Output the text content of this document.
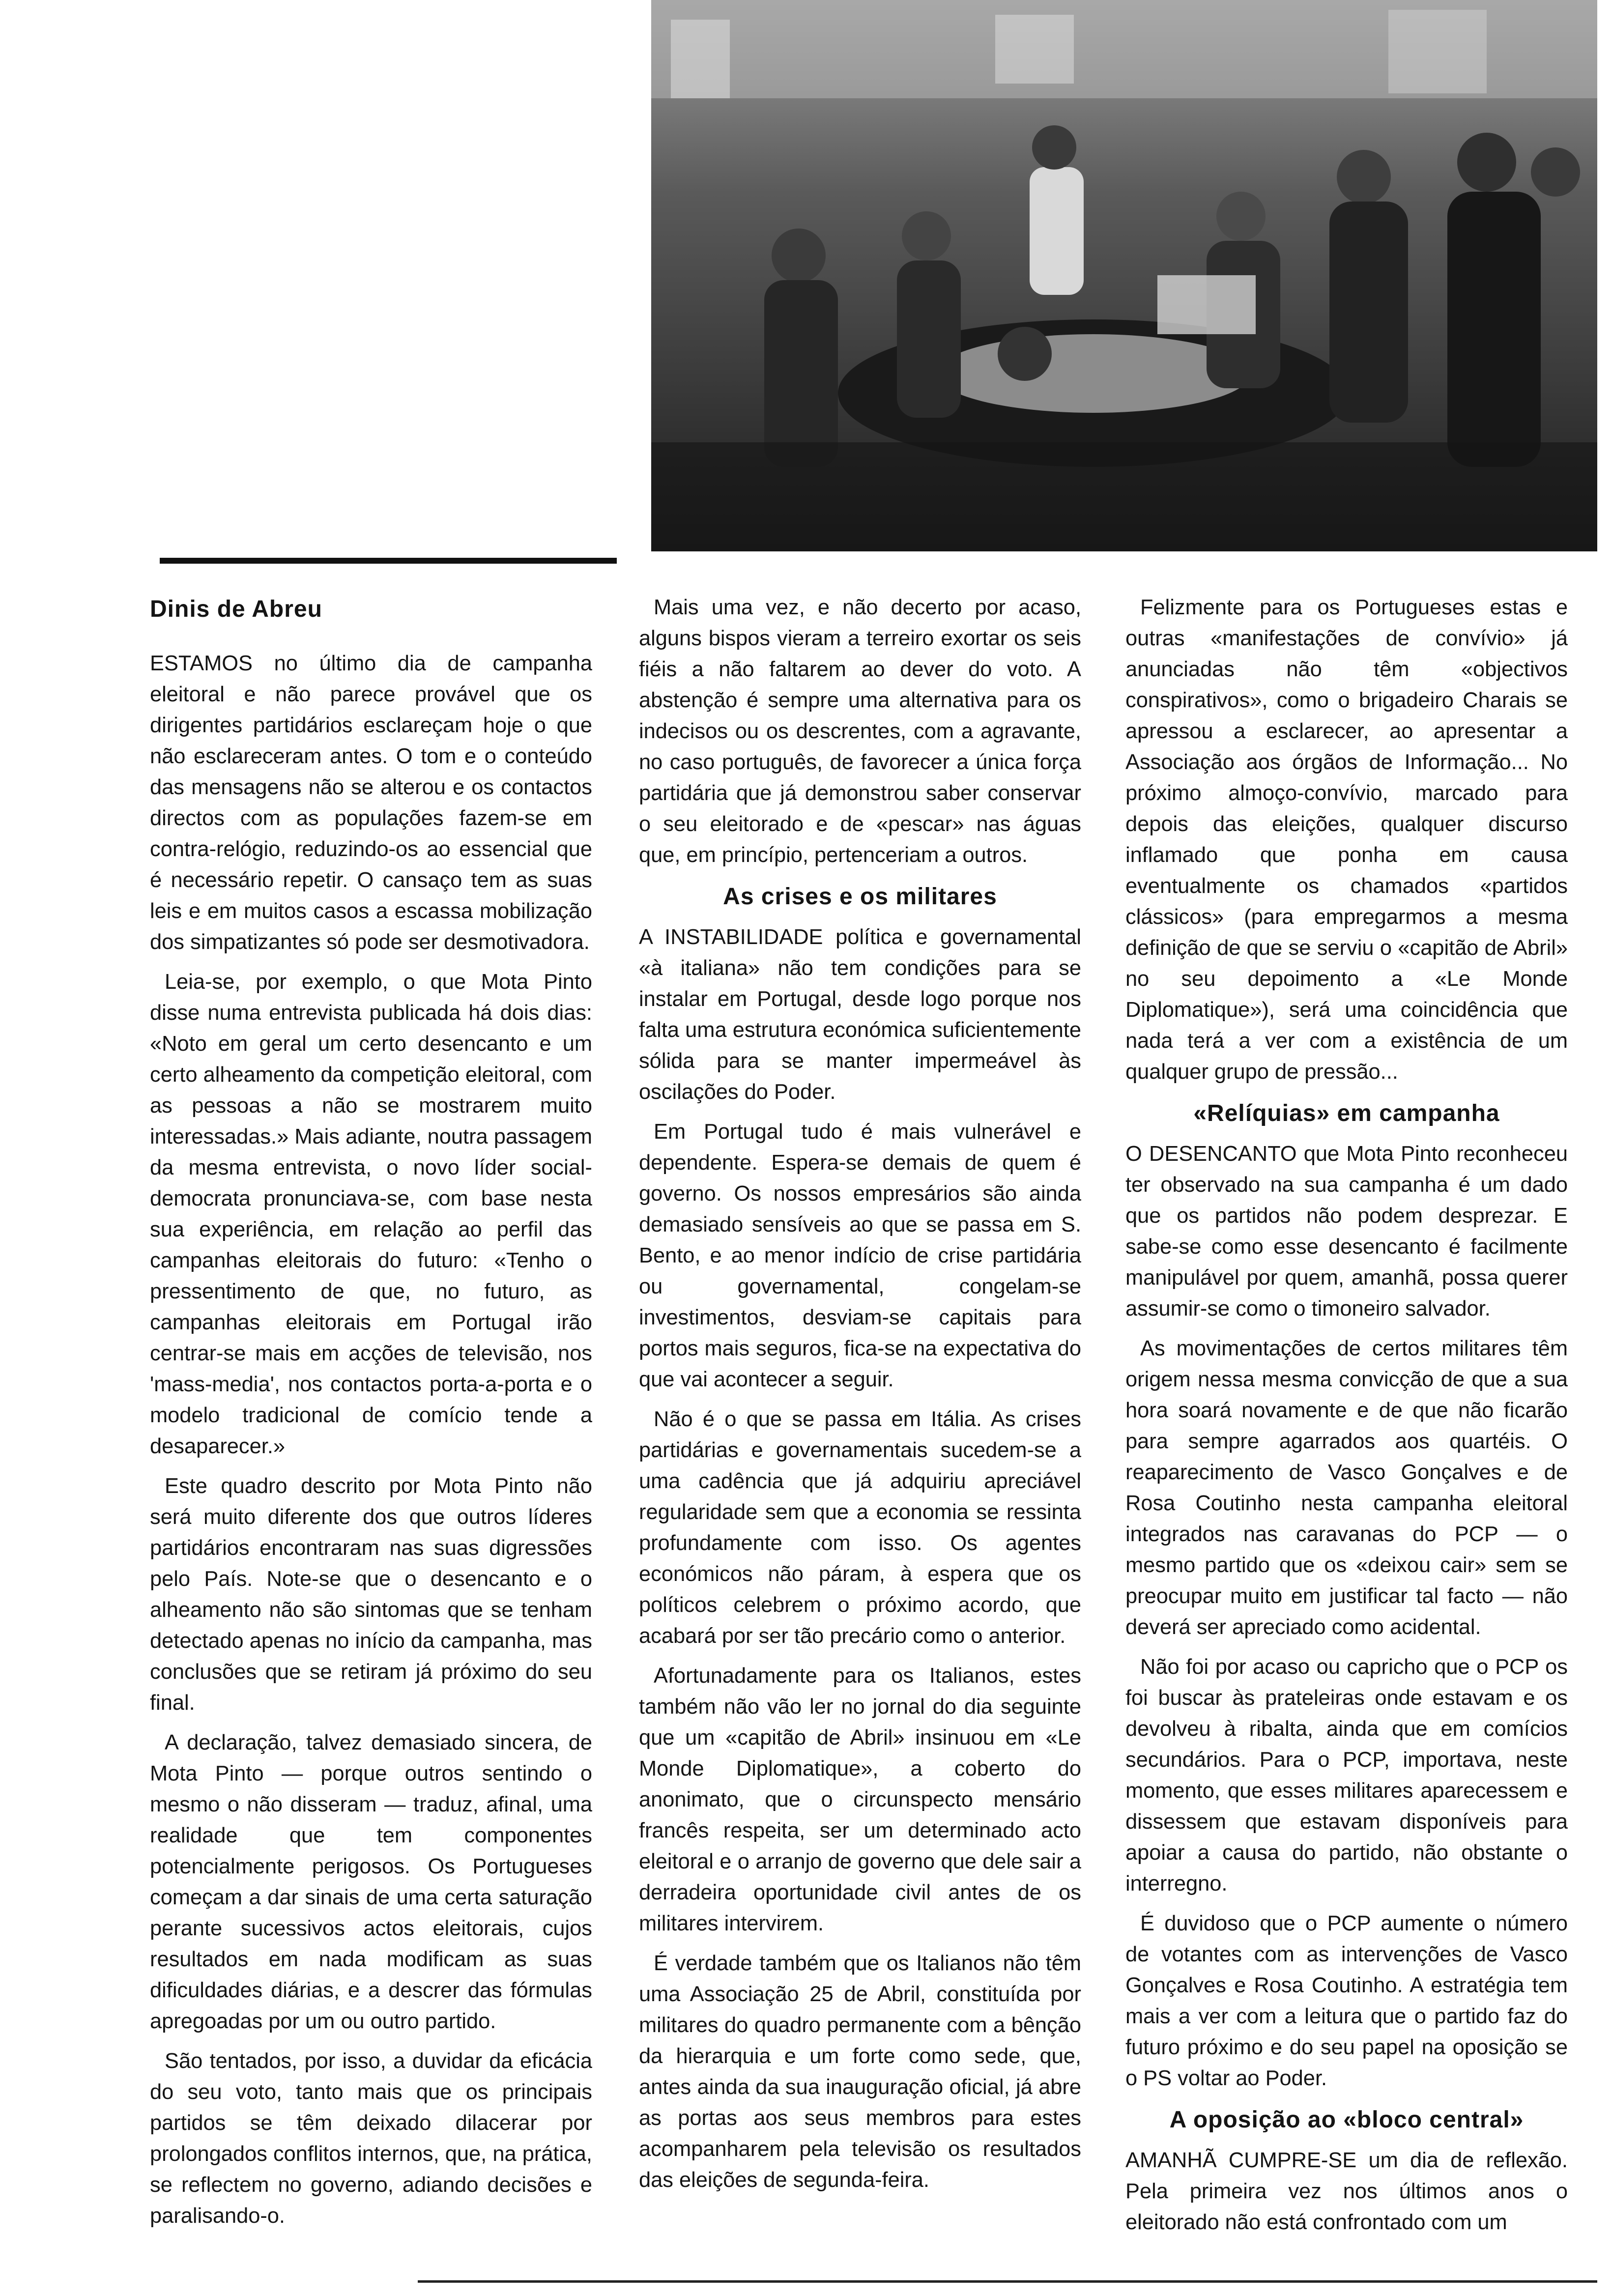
Dinis de Abreu

ESTAMOS no último dia de campanha eleitoral e não parece provável que os dirigentes partidários esclareçam hoje o que não esclareceram antes. O tom e o conteúdo das mensagens não se alterou e os contactos directos com as populações fazem-se em contra-relógio, reduzindo-os ao essencial que é necessário repetir. O cansaço tem as suas leis e em muitos casos a escassa mobilização dos simpatizantes só pode ser desmotivadora.

Leia-se, por exemplo, o que Mota Pinto disse numa entrevista publicada há dois dias: «Noto em geral um certo desencanto e um certo alheamento da competição eleitoral, com as pessoas a não se mostrarem muito interessadas.» Mais adiante, noutra passagem da mesma entrevista, o novo líder social-democrata pronunciava-se, com base nesta sua experiência, em relação ao perfil das campanhas eleitorais do futuro: «Tenho o pressentimento de que, no futuro, as campanhas eleitorais em Portugal irão centrar-se mais em acções de televisão, nos 'mass-media', nos contactos porta-a-porta e o modelo tradicional de comício tende a desaparecer.»

Este quadro descrito por Mota Pinto não será muito diferente dos que outros líderes partidários encontraram nas suas digressões pelo País. Note-se que o desencanto e o alheamento não são sintomas que se tenham detectado apenas no início da campanha, mas conclusões que se retiram já próximo do seu final.

A declaração, talvez demasiado sincera, de Mota Pinto — porque outros sentindo o mesmo o não disseram — traduz, afinal, uma realidade que tem componentes potencialmente perigosos. Os Portugueses começam a dar sinais de uma certa saturação perante sucessivos actos eleitorais, cujos resultados em nada modificam as suas dificuldades diárias, e a descrer das fórmulas apregoadas por um ou outro partido.

São tentados, por isso, a duvidar da eficácia do seu voto, tanto mais que os principais partidos se têm deixado dilacerar por prolongados conflitos internos, que, na prática, se reflectem no governo, adiando decisões e paralisando-o.

Mais uma vez, e não decerto por acaso, alguns bispos vieram a terreiro exortar os seis fiéis a não faltarem ao dever do voto. A abstenção é sempre uma alternativa para os indecisos ou os descrentes, com a agravante, no caso português, de favorecer a única força partidária que já demonstrou saber conservar o seu eleitorado e de «pescar» nas águas que, em princípio, pertenceriam a outros.

As crises e os militares

A INSTABILIDADE política e governamental «à italiana» não tem condições para se instalar em Portugal, desde logo porque nos falta uma estrutura económica suficientemente sólida para se manter impermeável às oscilações do Poder.

Em Portugal tudo é mais vulnerável e dependente. Espera-se demais de quem é governo. Os nossos empresários são ainda demasiado sensíveis ao que se passa em S. Bento, e ao menor indício de crise partidária ou governamental, congelam-se investimentos, desviam-se capitais para portos mais seguros, fica-se na expectativa do que vai acontecer a seguir.

Não é o que se passa em Itália. As crises partidárias e governamentais sucedem-se a uma cadência que já adquiriu apreciável regularidade sem que a economia se ressinta profundamente com isso. Os agentes económicos não páram, à espera que os políticos celebrem o próximo acordo, que acabará por ser tão precário como o anterior.

Afortunadamente para os Italianos, estes também não vão ler no jornal do dia seguinte que um «capitão de Abril» insinuou em «Le Monde Diplomatique», a coberto do anonimato, que o circunspecto mensário francês respeita, ser um determinado acto eleitoral e o arranjo de governo que dele sair a derradeira oportunidade civil antes de os militares intervirem.

É verdade também que os Italianos não têm uma Associação 25 de Abril, constituída por militares do quadro permanente com a bênção da hierarquia e um forte como sede, que, antes ainda da sua inauguração oficial, já abre as portas aos seus membros para estes acompanharem pela televisão os resultados das eleições de segunda-feira.

Felizmente para os Portugueses estas e outras «manifestações de convívio» já anunciadas não têm «objectivos conspirativos», como o brigadeiro Charais se apressou a esclarecer, ao apresentar a Associação aos órgãos de Informação... No próximo almoço-convívio, marcado para depois das eleições, qualquer discurso inflamado que ponha em causa eventualmente os chamados «partidos clássicos» (para empregarmos a mesma definição de que se serviu o «capitão de Abril» no seu depoimento a «Le Monde Diplomatique»), será uma coincidência que nada terá a ver com a existência de um qualquer grupo de pressão...

«Relíquias» em campanha

O DESENCANTO que Mota Pinto reconheceu ter observado na sua campanha é um dado que os partidos não podem desprezar. E sabe-se como esse desencanto é facilmente manipulável por quem, amanhã, possa querer assumir-se como o timoneiro salvador.

As movimentações de certos militares têm origem nessa mesma convicção de que a sua hora soará novamente e de que não ficarão para sempre agarrados aos quartéis. O reaparecimento de Vasco Gonçalves e de Rosa Coutinho nesta campanha eleitoral integrados nas caravanas do PCP — o mesmo partido que os «deixou cair» sem se preocupar muito em justificar tal facto — não deverá ser apreciado como acidental.

Não foi por acaso ou capricho que o PCP os foi buscar às prateleiras onde estavam e os devolveu à ribalta, ainda que em comícios secundários. Para o PCP, importava, neste momento, que esses militares aparecessem e dissessem que estavam disponíveis para apoiar a causa do partido, não obstante o interregno.

É duvidoso que o PCP aumente o número de votantes com as intervenções de Vasco Gonçalves e Rosa Coutinho. A estratégia tem mais a ver com a leitura que o partido faz do futuro próximo e do seu papel na oposição se o PS voltar ao Poder.

A oposição ao «bloco central»

AMANHÃ CUMPRE-SE um dia de reflexão. Pela primeira vez nos últimos anos o eleitorado não está confrontado com um
